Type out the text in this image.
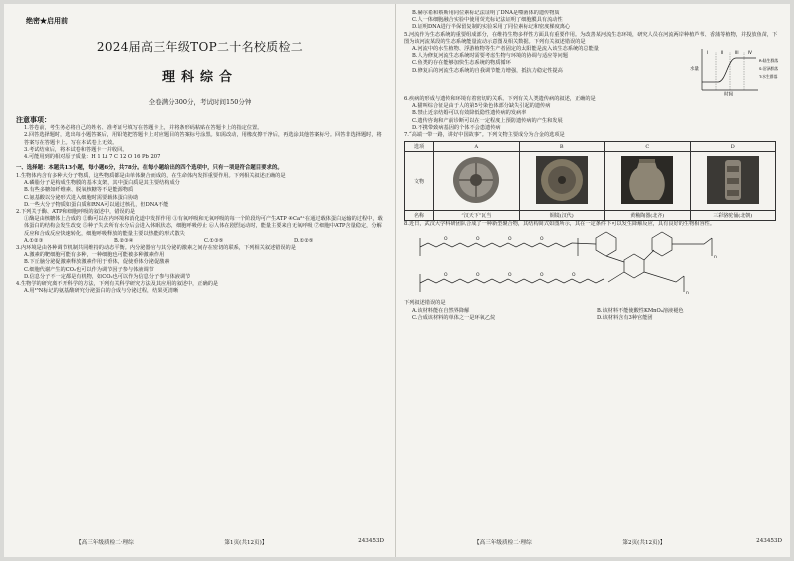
绝密★启用前

2024届高三年级TOP二十名校质检二

理科综合

全卷满分300分，考试时间150分钟

注意事项：

1.答卷前，考生务必将自己的姓名、准考证号填写在答题卡上，并将条形码粘贴在答题卡上的指定位置。

2.回答选择题时，选出每小题答案后，用铅笔把答题卡上对应题目的答案标号涂黑。如需改动，用橡皮擦干净后，再选涂其他答案标号。回答非选择题时，将答案写在答题卡上。写在本试卷上无效。

3.考试结束后，将本试卷和答题卡一并收回。

4.可能用到的相对原子质量：H 1 Li 7 C 12 O 16 Pb 207

一、选择题：本题共13小题，每小题6分，共78分。在每小题给出的四个选项中，只有一项是符合题目要求的。

1.生物体内含有多种大分子物质，这些物质都是由单体聚合而成的，在生命体内发挥重要作用。下列相关叙述正确的是

A.磷脂分子是构成生物膜的基本支架，其中蛋白质是其主要结构成分

B.有些多糖如纤维素、脱氧核糖等不是能源物质

C.氨基酸以分泌形式进入细胞时需要载体蛋白协助

D.一些大分子物质如蛋白质和RNA可以通过核孔，但DNA不能

2.下列关于酶、ATP和细胞呼吸的叙述中，错误的是

①酶是由核糖体上合成的 ②酶可以在内环境和消化道中发挥作用 ③有氧呼吸和无氧呼吸的每一个阶段均可产生ATP ④Ca²⁺在通过载体蛋白运输的过程中，载体蛋白的结构会发生改变 ⑤种子失去所有水分后会进入休眠状态，细胞呼吸停止 ⑥人体在剧烈运动时，能量主要来自无氧呼吸 ⑦细胞中ATP含量稳定，分解反应和合成反应快速转化，细胞呼吸释放的能量主要以热能的形式散失

A.①②③	B.②③④	C.①③⑤	D.①②⑤

3.内环境是由各种调节机制共同维持的动态平衡。内分泌器官与其分泌的激素之间存在密切的联系，下列相关叙述错误的是

A.激素的靶细胞可能有多种，一种细胞也可能被多种激素作用

B.下丘脑分泌促激素释放激素作用于垂体，促使垂体分泌促激素

C.细胞代谢产生的CO₂也可以作为调节因子参与体液调节

D.信息分子不一定都是有机物，如CO₂也可以作为信息分子参与体液调节

4.生物学的研究离不开科学的方法，下列有关科学研究方法及其应用的叙述中，正确的是

A.用¹⁵N标记的氨基酸研究分泌蛋白的合成与分泌过程，结果更清晰

【高三年级质检二·理综	第1页(共12页)】	243453D

B.赫尔希和蔡斯用同位素标记法证明了DNA是噬菌体的遗传物质

C.人一体细胞融合实验中使用荧光标记法证明了细胞膜具有流动性

D.证明DNA进行半保留复制的实验采用了同位素标记和密度梯度离心

5.河流作为生态系统的重要组成部分，在维持生物多样性方面具有重要作用。为改善某河流生态环境，研究人员在河流两岸种植芦苇、香蒲等植物，并投放鱼苗，下图为该河流某段的生态系统能量流动示意图及相关数据。下列有关叙述错误的是

水量
时间
I	II	III IV
R:陆生群落
S:沼泽群落
T:水生群落

A.河流中的水生植物、浮游植物等生产者固定的太阳能是流入该生态系统的总能量

B.人为修复河流生态系统时需要考虑生物与环境的协调与适应等问题

C.鱼类的存在能够加快生态系统的物质循环

D.修复后的河流生态系统的自我调节能力增强，抵抗力稳定性提高

6.疾病的形成与遗传和环境有着密切的关系。下列有关人类遗传病的叙述，正确的是

A.猫叫综合征是由于人的第5号染色体部分缺失引起的遗传病

B.禁止近亲结婚可以有效降低隐性遗传病的发病率

C.遗传咨询和产前诊断可以在一定程度上预防遗传病的产生和发展

D.不携带致病基因的个体不会患遗传病

7.“高端一带一路，讲好中国故事”。下列文物主要成分为合金的选项是

选项	A	B	C	D
文物				
名称	“汉天下”瓦当	铜镜(汉代)	黄釉陶器(北齐)	三彩骆驼俑(北朝)

8.近日，武汉大学科研团队合成了一种新型聚合物，其结构简式如图所示，其在一定条件下可以发生降解反应，具有良好的生物相容性。

O	O	O	O
O	O	O	O	O
n
n

下列叙述错误的是

A.该材料能在自然界降解	B.该材料不能使酸性KMnO₄溶液褪色
C.合成该材料的单体之一是环氧乙烷	D.该材料含有3种官能团
【高三年级质检二·理综	第2页(共12页)】	243453D
